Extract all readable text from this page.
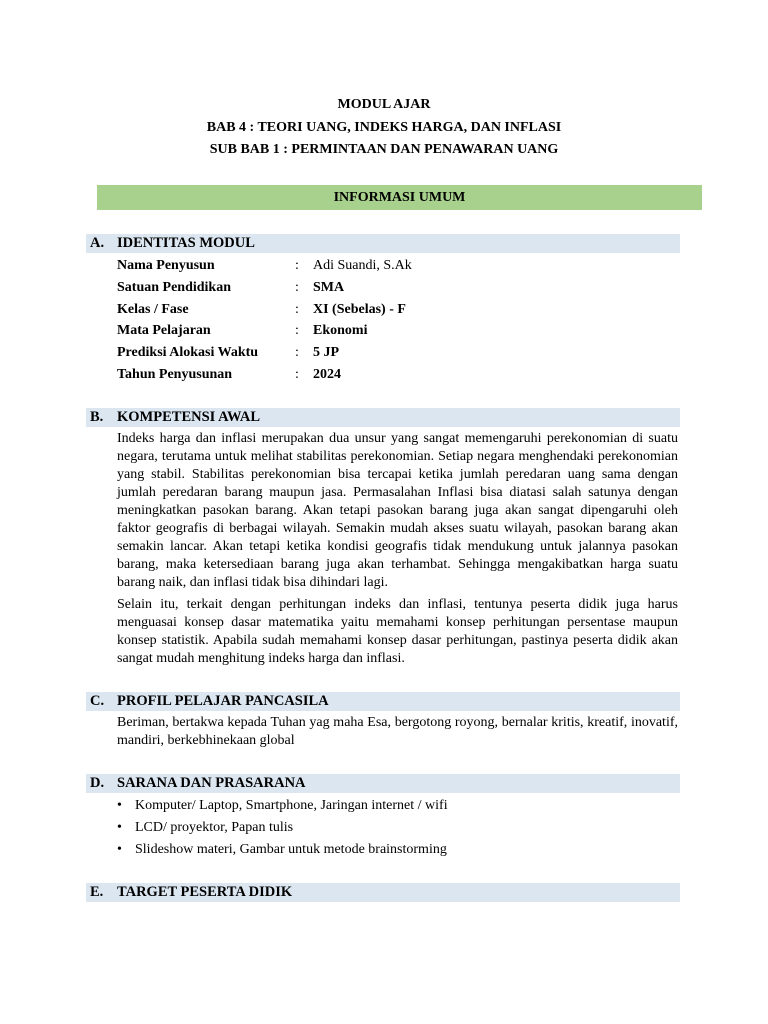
MODUL AJAR
BAB 4 : TEORI UANG, INDEKS HARGA, DAN INFLASI
SUB BAB 1 : PERMINTAAN DAN PENAWARAN UANG
INFORMASI UMUM
A. IDENTITAS MODUL
Nama Penyusun	: Adi Suandi, S.Ak
Satuan Pendidikan	: SMA
Kelas / Fase	: XI (Sebelas) - F
Mata Pelajaran	: Ekonomi
Prediksi Alokasi Waktu	: 5 JP
Tahun Penyusunan	: 2024
B. KOMPETENSI AWAL

Indeks harga dan inflasi merupakan dua unsur yang sangat memengaruhi perekonomian di suatu negara, terutama untuk melihat stabilitas perekonomian. Setiap negara menghendaki perekonomian yang stabil. Stabilitas perekonomian bisa tercapai ketika jumlah peredaran uang sama dengan jumlah peredaran barang maupun jasa. Permasalahan Inflasi bisa diatasi salah satunya dengan meningkatkan pasokan barang. Akan tetapi pasokan barang juga akan sangat dipengaruhi oleh faktor geografis di berbagai wilayah. Semakin mudah akses suatu wilayah, pasokan barang akan semakin lancar. Akan tetapi ketika kondisi geografis tidak mendukung untuk jalannya pasokan barang, maka ketersediaan barang juga akan terhambat. Sehingga mengakibatkan harga suatu barang naik, dan inflasi tidak bisa dihindari lagi.

Selain itu, terkait dengan perhitungan indeks dan inflasi, tentunya peserta didik juga harus menguasai konsep dasar matematika yaitu memahami konsep perhitungan persentase maupun konsep statistik. Apabila sudah memahami konsep dasar perhitungan, pastinya peserta didik akan sangat mudah menghitung indeks harga dan inflasi.

C. PROFIL PELAJAR PANCASILA

Beriman, bertakwa kepada Tuhan yag maha Esa, bergotong royong, bernalar kritis, kreatif, inovatif, mandiri, berkebhinekaan global

D. SARANA DAN PRASARANA
• Komputer/ Laptop, Smartphone, Jaringan internet / wifi
• LCD/ proyektor, Papan tulis
• Slideshow materi, Gambar untuk metode brainstorming
E. TARGET PESERTA DIDIK
